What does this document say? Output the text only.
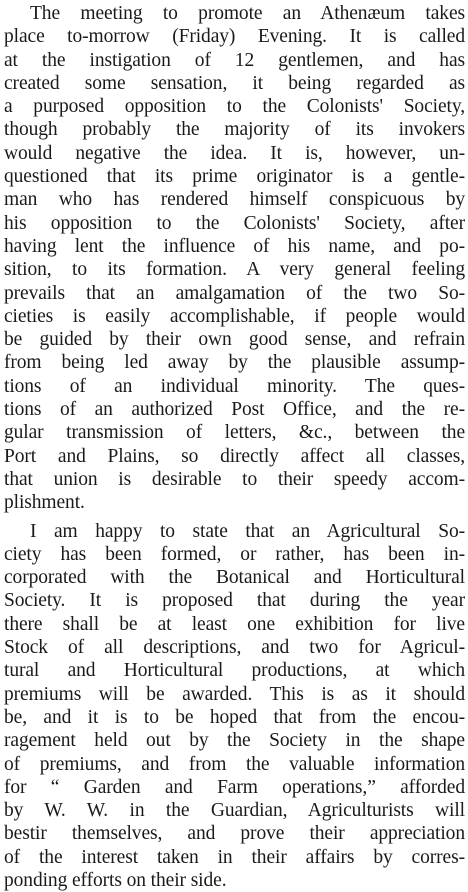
The meeting to promote an Athenæum takes
place to-morrow (Friday) Evening. It is called
at the instigation of 12 gentlemen, and has
created some sensation, it being regarded as
a purposed opposition to the Colonists' Society,
though probably the majority of its invokers
would negative the idea. It is, however, un-
questioned that its prime originator is a gentle-
man who has rendered himself conspicuous by
his opposition to the Colonists' Society, after
having lent the influence of his name, and po-
sition, to its formation. A very general feeling
prevails that an amalgamation of the two So-
cieties is easily accomplishable, if people would
be guided by their own good sense, and refrain
from being led away by the plausible assump-
tions of an individual minority. The ques-
tions of an authorized Post Office, and the re-
gular transmission of letters, &c., between the
Port and Plains, so directly affect all classes,
that union is desirable to their speedy accom-
plishment.
I am happy to state that an Agricultural So-
ciety has been formed, or rather, has been in-
corporated with the Botanical and Horticultural
Society. It is proposed that during the year
there shall be at least one exhibition for live
Stock of all descriptions, and two for Agricul-
tural and Horticultural productions, at which
premiums will be awarded. This is as it should
be, and it is to be hoped that from the encou-
ragement held out by the Society in the shape
of premiums, and from the valuable information
for “ Garden and Farm operations,” afforded
by W. W. in the Guardian, Agriculturists will
bestir themselves, and prove their appreciation
of the interest taken in their affairs by corres-
ponding efforts on their side.
